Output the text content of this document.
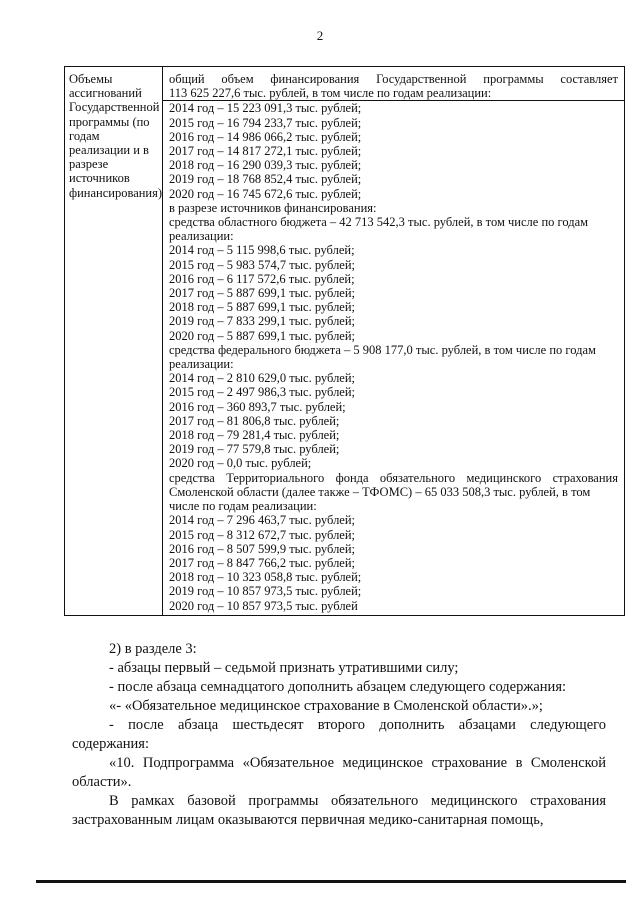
2
Объемы
ассигнований
Государственной
программы (по
годам
реализации и в
разрезе
источников
финансирования)
общий объем финансирования Государственной программы составляет
113 625 227,6 тыс. рублей, в том числе по годам реализации:
2014 год – 15 223 091,3 тыс. рублей;
2015 год – 16 794 233,7 тыс. рублей;
2016 год – 14 986 066,2 тыс. рублей;
2017 год – 14 817 272,1 тыс. рублей;
2018 год – 16 290 039,3 тыс. рублей;
2019 год – 18 768 852,4 тыс. рублей;
2020 год – 16 745 672,6 тыс. рублей;
в разрезе источников финансирования:
средства областного бюджета – 42 713 542,3 тыс. рублей, в том числе по годам
реализации:
2014 год – 5 115 998,6 тыс. рублей;
2015 год – 5 983 574,7 тыс. рублей;
2016 год – 6 117 572,6 тыс. рублей;
2017 год – 5 887 699,1 тыс. рублей;
2018 год – 5 887 699,1 тыс. рублей;
2019 год – 7 833 299,1 тыс. рублей;
2020 год – 5 887 699,1 тыс. рублей;
средства федерального бюджета – 5 908 177,0 тыс. рублей, в том числе по годам
реализации:
2014 год – 2 810 629,0 тыс. рублей;
2015 год – 2 497 986,3 тыс. рублей;
2016 год – 360 893,7 тыс. рублей;
2017 год – 81 806,8 тыс. рублей;
2018 год – 79 281,4 тыс. рублей;
2019 год – 77 579,8 тыс. рублей;
2020 год – 0,0 тыс. рублей;
средства Территориального фонда обязательного медицинского страхования
Смоленской области (далее также – ТФОМС) – 65 033 508,3 тыс. рублей, в том
числе по годам реализации:
2014 год – 7 296 463,7 тыс. рублей;
2015 год – 8 312 672,7 тыс. рублей;
2016 год – 8 507 599,9 тыс. рублей;
2017 год – 8 847 766,2 тыс. рублей;
2018 год – 10 323 058,8 тыс. рублей;
2019 год – 10 857 973,5 тыс. рублей;
2020 год – 10 857 973,5 тыс. рублей

2) в разделе 3:

- абзацы первый – седьмой признать утратившими силу;

- после абзаца семнадцатого дополнить абзацем следующего содержания:

«- «Обязательное медицинское страхование в Смоленской области».»;

- после абзаца шестьдесят второго дополнить абзацами следующего содержания:

«10. Подпрограмма «Обязательное медицинское страхование в Смоленской области».

В рамках базовой программы обязательного медицинского страхования застрахованным лицам оказываются первичная медико-санитарная помощь,
